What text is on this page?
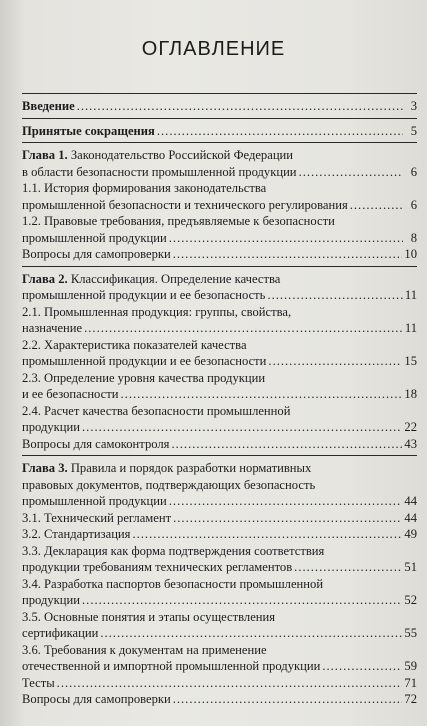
ОГЛАВЛЕНИЕ
Введение .....	3
Принятые сокращения .....	5
Глава 1. Законодательство Российской Федерации
в области безопасности промышленной продукции .....	6
1.1. История формирования законодательства
промышленной безопасности и технического регулирования .....	6
1.2. Правовые требования, предъявляемые к безопасности
промышленной продукции .....	8
Вопросы для самопроверки .....	10
Глава 2. Классификация. Определение качества
промышленной продукции и ее безопасность .....	11
2.1. Промышленная продукция: группы, свойства,
назначение .....	11
2.2. Характеристика показателей качества
промышленной продукции и ее безопасности .....	15
2.3. Определение уровня качества продукции
и ее безопасности .....	18
2.4. Расчет качества безопасности промышленной
продукции .....	22
Вопросы для самоконтроля .....	43
Глава 3. Правила и порядок разработки нормативных
правовых документов, подтверждающих безопасность
промышленной продукции .....	44
3.1. Технический регламент .....	44
3.2. Стандартизация .....	49
3.3. Декларация как форма подтверждения соответствия
продукции требованиям технических регламентов .....	51
3.4. Разработка паспортов безопасности промышленной
продукции .....	52
3.5. Основные понятия и этапы осуществления
сертификации .....	55
3.6. Требования к документам на применение
отечественной и импортной промышленной продукции .....	59
Тесты .....	71
Вопросы для самопроверки .....	72
